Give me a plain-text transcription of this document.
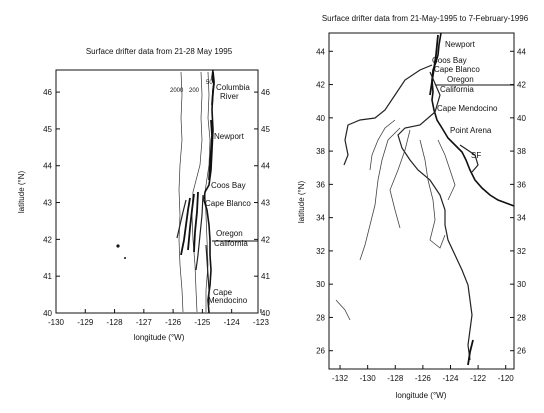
Surface drifter data from 21-28 May 1995
-130 -129 -128 -127 -126 -125 -124 -123
40	40
41	41
42	42
43	43
44	44
45	45
46	46
longitude (°W)
latitude (°N)
2000 200
50 Columbia
River
Newport
Coos Bay
Cape Blanco
Oregon
California
Cape
Mendocino
Surface drifter data from 21-May-1995 to 7-February-1996
-132 -130 -128 -126 -124 -122 -120
26	26
28	28
30	30
32	32
34	34
36	36
38	38
40	40
42	42
44	44
longitude (°W)
latitude (°N)
Newport
Coos Bay
Cape Blanco
Oregon
California
Cape Mendocino
Point Arena
SF
